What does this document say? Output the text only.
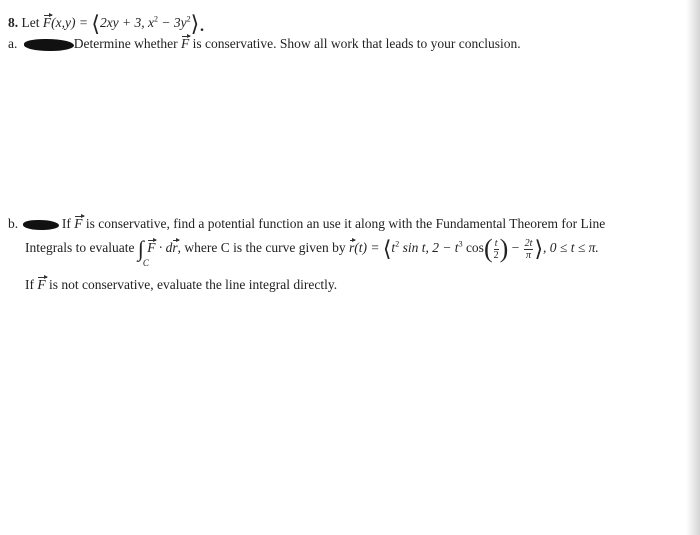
8. Let F(x,y) = ⟨2xy + 3, $x^2$ − $3y^2⟩$.
a.	Determine whether F is conservative. Show all work that leads to your conclusion.
b.	If F is conservative, find a potential function an use it along with the Fundamental Theorem for Line
Integrals to evaluate ∫
C
F · dr, where C is the curve given by $r(t) = ⟨t^2$ sin t, $2 - t^3$ $\cos( \frac{t}{2}$ ) − $\frac{2t}{\pi}$ ⟩, 0 ≤ t ≤ π.
If F is not conservative, evaluate the line integral directly.
